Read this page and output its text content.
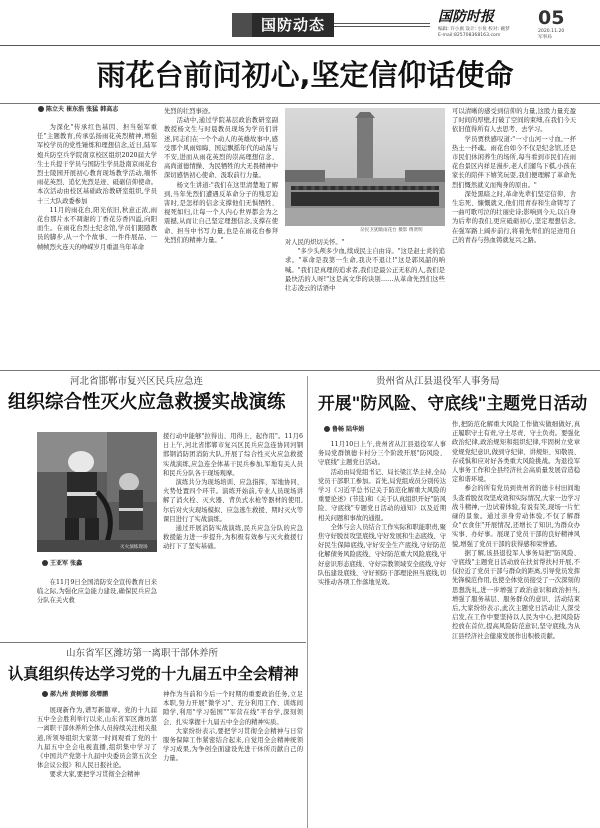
国防动态	国防时报
编辑: 许小旗 设计: 小鱼 校对: 碗梦
E-mail:825708368163.com
05
2020.11.20
军事局
雨花台前问初心,坚定信仰话使命
陈立夫 崔东浩 张猛 韩高志

为深化"传承红色基因、担当强军重任"主题教育,传承弘扬雨花英烈精神,增强军校学员的党性锤炼和理想信念,近日,陆军炮兵防空兵学院南京校区组织2020届大学生士兵提干学员与国防生学员赴南京雨花台烈士陵园开展初心教育现场教学活动,缅怀雨花英烈、追忆先烈足迹、砥砺信仰使命。本次活动由校区基础政治教研室组织,学员十三大队政委参加

11月的雨花台,阳光依旧,秋意正浓,雨花台那片永不凋谢的丁香花芬香四溢,向阳而生。在雨花台烈士纪念馆,学员们跟随教员的脚步,从一个个故事、一件件展品、一帧帧烈火连天的峥嵘岁月重温当年革命

先烈的壮烈事迹。

活动中,通过学院基层政治教研室副教授杨文生与时晨教员现场为学员们讲述,同志们在一个个动人的英雄故事中,感受那个风雨如晦、国运飘摇年代的动荡与不安,进而从雨花英烈的崇高理想信念、高尚道德情操、为民牺牲的大无畏精神中深切感悟初心使命、汲取前行力量。

杨文生讲道:"我们在这里清楚地了解到,当年先烈们遭遇反革命分子的残忍迫害时,是怎样的信念支撑他们无惧牺牲、视死如归,让每一个人内心世界都会为之震撼,从而让自己坚定理想信念,支撑在使命、担当中书写力量,也是在雨花台参拜先烈们的精神力量。"

杂民卫犹瞻雨花台 摄影 傅贤明

对人民的炽切关怀。"

"多少头颅多少血,续成民主自由诗。"这是赵士炎的追求。"革命是我第一生命,我决不退让!"这是郭凤韶的呐喊。"我们是真理的追求者,我们是最公正无私的人,我们是最快活的人呀!"这是高文华的诀别……从革命先烈们这些壮志凌云的话语中

可以清晰的感受到信仰的力量,这股力量充盈了时间的厚壁,打破了空间的束缚,在我们今天依旧值得所有人去思考、去学习。

学员贾秩感叹道:"一寸山河一寸血,一抔热土一抔魂。雨花台如今不仅是纪念馆,还是市民们休闲养生的场所,每当看到市民们在雨花台景区内祥足漫步,老人们遛鸟下棋,小孩在家长的陪伴下嬉笑玩耍,我们便理解了革命先烈们慨然就义而殉身的原由。"

深处黑暗之时,革命先辈们坚定信仰、舍生忘死、慷慨就义,他们用青春和生命铸写了一曲可歌可泣的壮丽史诗;影响到今天,以自身为后辈的我们,更应砥砺初心,坚定理想信念,在强军路上阔步前行,将着先辈们的足迹用自己的青春与热血铸就复兴之路。

河北省邯郸市复兴区民兵应急连
组织综合性灭火应急救援实战演练
灭火演练现场
王亚军 张鑫

在11月9日全国消防安全宣传教育日来临之际,为强化应急能力建设,确保民兵应急分队在关火救

援行动中能够"拉得出、用得上、起作用"。11月6日上午,河北省邯郸市复兴区民兵应急连协同河钢邯钢消防团消防大队,开展了综合性灭火应急救援实战演练,应急连全体基干民兵参加,军地有关人员和民兵分队各干现场观摩。

演练共分为现场培训、应急指挥、军地协同、火势处置四个环节。演练开始前,专业人员现场讲解了消火栓、灭火器、背负式水枪等器材的使用,尔后对火灾现场模拟、应急逃生救援、期时灭火等课目进行了实战演练。

通过开展消防实战演练,民兵应急分队的应急救援能力进一步提升,为积极有效参与灭火救援行动打下了坚实基础。

贵州省从江县退役军人事务局
开展"防风险、守底线"主题党日活动
鲁畅 陆华娟

11月10日上午,贵州省从江县退役军人事务局党群镇德卡村分三个阶段开展"防风险、守底线"主题党日活动。

活动由局党组书记、局长梁江华主持,全局党员干部职工参加。首先,局党组成员分别传达学习《习近平总书记关于防范化解重大风险的重要论述》(节选)和《关于认真组织开好"防风险、守底线"专题党日活动的通知》以及近期相关问题和事故的通报。

全体与会人员结合工作实际和职能职责,聚焦守好脱贫攻坚底线,守好发展和生态底线、守好民生保障底线,守好安全生产底线,守好防范化解债务风险底线、守好防范重大风险底线,守好意识形态底线、守好宗教领域安全底线,守好队伍建设底线、守好预防干部理论担当底线,切实推动各项工作落地见效。

作,把防范化解重大风险工作做实做细做好,真正履职守土有责,守土尽责、守土负责。要强化政治纪律,政治规矩和组织纪律,牢固树立党章党规党纪意识,做到守纪律、讲规矩、知敬畏、存戒惧和应对好各类重大风险挑战。为退役军人事务工作和全县经济社会高质量发展营造稳定和谐环境。

参会的所有党员到贵州省的德卡村田间地头查看脱贫攻坚成效和实际情况,大家一边学习战斗精神,一边试着体验,有说有笑,现场一片忙碌的景象。通过亲身劳动体验,不仅了解群众"衣食住"开展情况,还增长了知识,为群众办实事、办好事。展现了党员干部的良好精神风貌,增强了党员干部的获得感和荣誉感。

据了解,该县退役军人事务局把"防风险、守底线"主题党日活动放在扶贫帮扶村开展,不仅拉近了党员干部与群众的距离,引导党员发挥先锋模范作用,也使全体党员接受了一次深刻的思想洗礼,进一步增强了政治意识和政治担当,增强了服务基层、服务群众的意识、活动结束后,大家纷纷表示,此次主题党日活动让人深受启发,在工作中要坚持以人民为中心,把风险防控放在首位,提高风险防范意识,坚守底线,为从江县经济社会健康发展作出积极贡献。

山东省军区潍坊第一离职干部休养所
认真组织传达学习党的十九届五中全会精神
郝九州 黄树娜 段增鹏

展现新作为,谱写新篇章。党的十九届五中全会胜利举行以来,山东省军区潍坊第一离职干部休养所全体人员持续关注相关报道,所领导组织大家第一时间观看了党的十九届五中全会电视直播,组织集中学习了《中国共产党第十九届中央委员会第五次全体会议公报》和人民日报社论。

要求大家,要把学习贯彻全会精神

神作为当前和今后一个时期的重要政治任务,立足本职,努力开展"微学习"、充分利用工作、训练间隙学,利用"学习强国""军营在线"平台学,深刻领会、扎实掌握十九届五中全会的精神实质。

大家纷纷表示,要把学习贯彻全会精神与日常服务保障工作紧密结合起来,自觉用全会精神统领学习成果,为争创全面建设先进干休所贡献自己的力量。
